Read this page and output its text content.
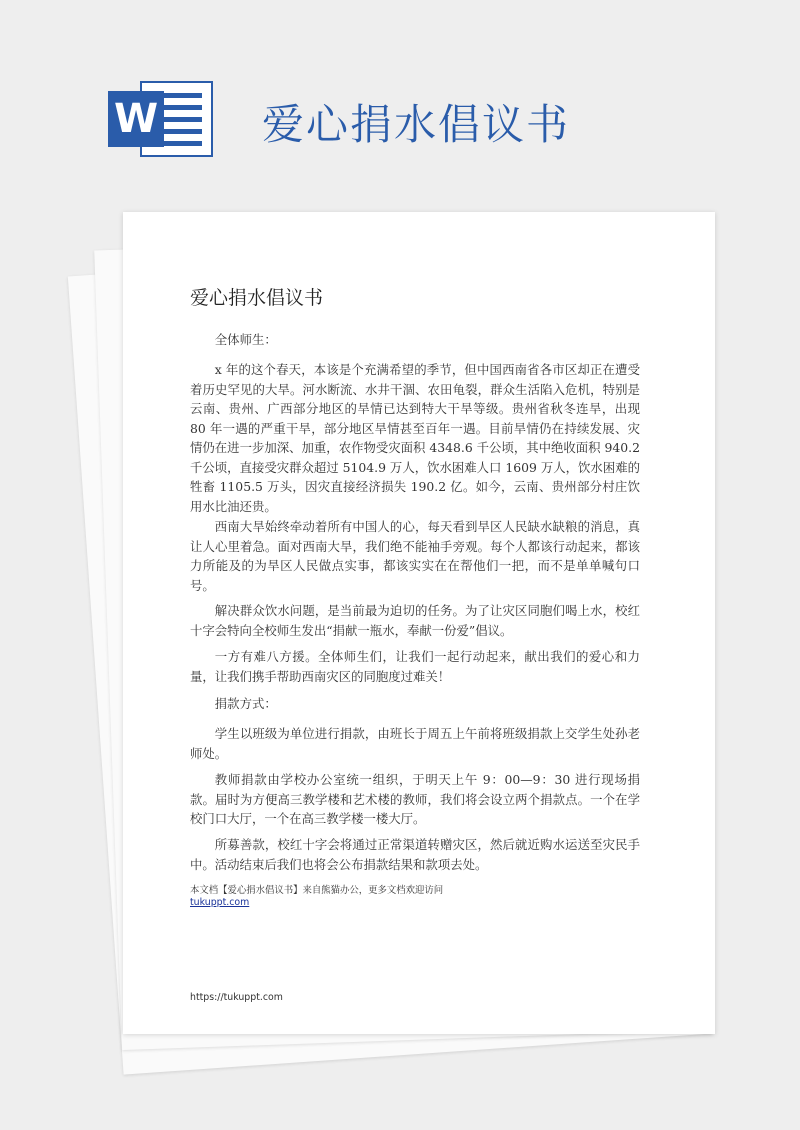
W 爱心捐水倡议书
爱心捐水倡议书

全体师生：

x 年的这个春天，本该是个充满希望的季节，但中国西南省各市区却正在遭受着历史罕见的大旱。河水断流、水井干涸、农田龟裂，群众生活陷入危机，特别是云南、贵州、广西部分地区的旱情已达到特大干旱等级。贵州省秋冬连旱，出现 80 年一遇的严重干旱，部分地区旱情甚至百年一遇。目前旱情仍在持续发展、灾情仍在进一步加深、加重，农作物受灾面积 4348.6 千公顷，其中绝收面积 940.2 千公顷，直接受灾群众超过 5104.9 万人，饮水困难人口 1609 万人，饮水困难的牲畜 1105.5 万头，因灾直接经济损失 190.2 亿。如今，云南、贵州部分村庄饮用水比油还贵。

西南大旱始终牵动着所有中国人的心，每天看到旱区人民缺水缺粮的消息，真让人心里着急。面对西南大旱，我们绝不能袖手旁观。每个人都该行动起来，都该力所能及的为旱区人民做点实事，都该实实在在帮他们一把，而不是单单喊句口号。

解决群众饮水问题，是当前最为迫切的任务。为了让灾区同胞们喝上水，校红十字会特向全校师生发出“捐献一瓶水，奉献一份爱”倡议。

一方有难八方援。全体师生们，让我们一起行动起来，献出我们的爱心和力量，让我们携手帮助西南灾区的同胞度过难关！

捐款方式：

学生以班级为单位进行捐款，由班长于周五上午前将班级捐款上交学生处孙老师处。

教师捐款由学校办公室统一组织，于明天上午 9：00—9：30 进行现场捐款。届时为方便高三教学楼和艺术楼的教师，我们将会设立两个捐款点。一个在学校门口大厅，一个在高三教学楼一楼大厅。

所募善款，校红十字会将通过正常渠道转赠灾区，然后就近购水运送至灾民手中。活动结束后我们也将会公布捐款结果和款项去处。

本文档【爱心捐水倡议书】来自熊猫办公，更多文档欢迎访问
tukuppt.com
https://tukuppt.com
